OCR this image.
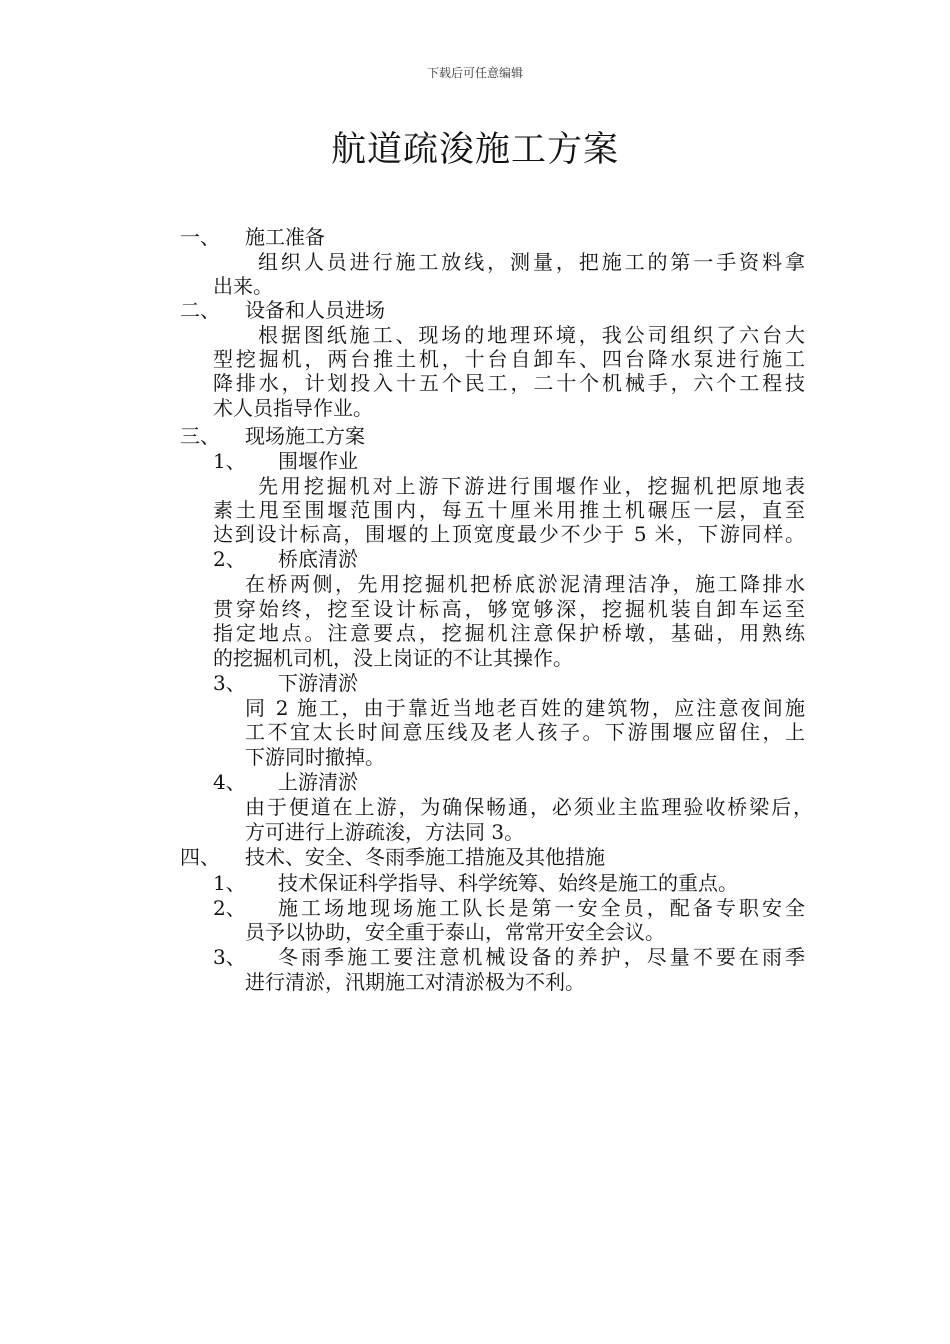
下载后可任意编辑
航道疏浚施工方案
一、 施工准备
组织人员进行施工放线，测量，把施工的第一手资料拿
出来。
二、 设备和人员进场
根据图纸施工、现场的地理环境，我公司组织了六台大
型挖掘机，两台推土机，十台自卸车、四台降水泵进行施工
降排水，计划投入十五个民工，二十个机械手，六个工程技
术人员指导作业。
三、 现场施工方案
1、 围堰作业
先用挖掘机对上游下游进行围堰作业，挖掘机把原地表
素土甩至围堰范围内，每五十厘米用推土机碾压一层，直至
达到设计标高，围堰的上顶宽度最少不少于 5 米，下游同样。
2、 桥底清淤
在桥两侧，先用挖掘机把桥底淤泥清理洁净，施工降排水
贯穿始终，挖至设计标高，够宽够深，挖掘机装自卸车运至
指定地点。注意要点，挖掘机注意保护桥墩，基础，用熟练
的挖掘机司机，没上岗证的不让其操作。
3、 下游清淤
同 2 施工，由于靠近当地老百姓的建筑物，应注意夜间施
工不宜太长时间意压线及老人孩子。下游围堰应留住，上
下游同时撤掉。
4、 上游清淤
由于便道在上游，为确保畅通，必须业主监理验收桥梁后，
方可进行上游疏浚，方法同 3。
四、 技术、安全、冬雨季施工措施及其他措施
1、 技术保证科学指导、科学统筹、始终是施工的重点。
2、 施工场地现场施工队长是第一安全员，配备专职安全
员予以协助，安全重于泰山，常常开安全会议。
3、 冬雨季施工要注意机械设备的养护，尽量不要在雨季
进行清淤，汛期施工对清淤极为不利。
